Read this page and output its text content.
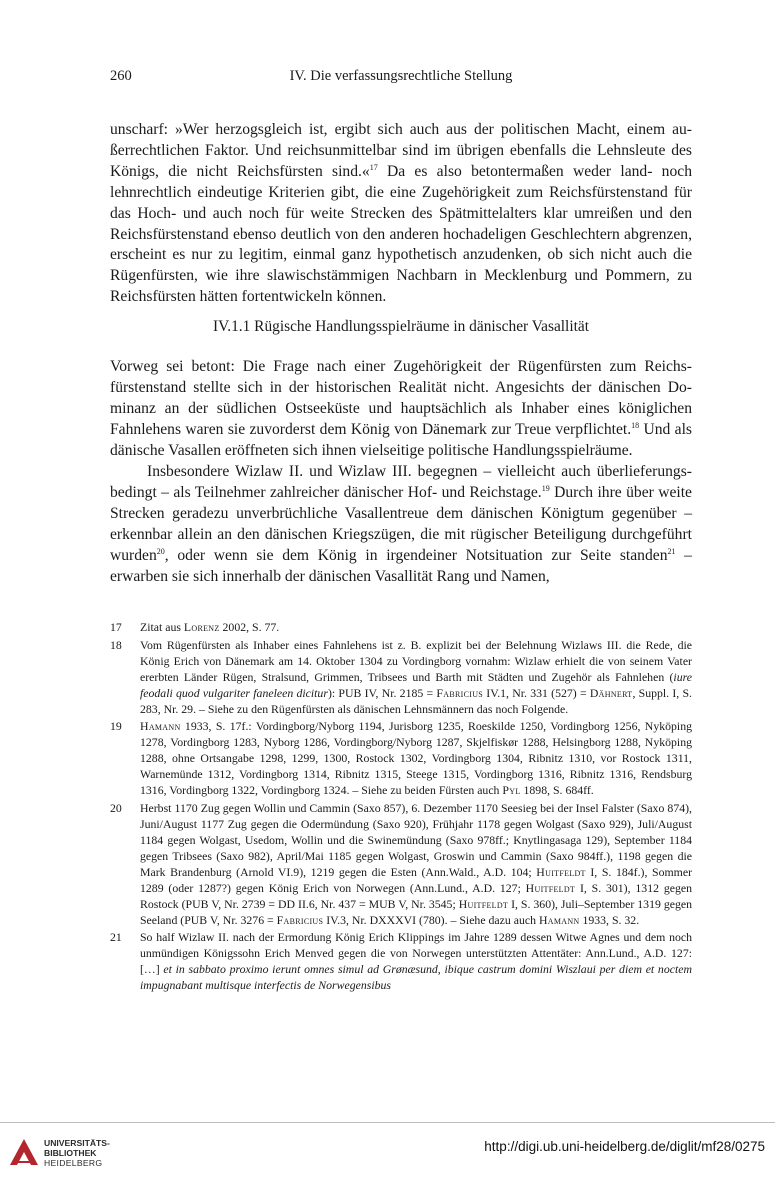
260	IV. Die verfassungsrechtliche Stellung

unscharf: »Wer herzogsgleich ist, ergibt sich auch aus der politischen Macht, einem außerrechtlichen Faktor. Und reichsunmittelbar sind im übrigen ebenfalls die Lehnsleute des Königs, die nicht Reichsfürsten sind.«$^{17}$ Da es also betontermaßen weder land- noch lehnrechtlich eindeutige Kriterien gibt, die eine Zugehörigkeit zum Reichsfürstenstand für das Hoch- und auch noch für weite Strecken des Spätmittelalters klar umreißen und den Reichsfürstenstand ebenso deutlich von den anderen hochadeligen Geschlechtern abgrenzen, erscheint es nur zu legitim, einmal ganz hypothetisch anzudenken, ob sich nicht auch die Rügenfürsten, wie ihre slawischstämmigen Nachbarn in Mecklenburg und Pommern, zu Reichsfürsten hätten fortentwickeln können.

IV.1.1 Rügische Handlungsspielräume in dänischer Vasallität

Vorweg sei betont: Die Frage nach einer Zugehörigkeit der Rügenfürsten zum Reichsfürstenstand stellte sich in der historischen Realität nicht. Angesichts der dänischen Dominanz an der südlichen Ostseeküste und hauptsächlich als Inhaber eines königlichen Fahnlehens waren sie zuvorderst dem König von Dänemark zur Treue verpflichtet.$^{18}$ Und als dänische Vasallen eröffneten sich ihnen vielseitige politische Handlungsspielräume.

Insbesondere Wizlaw II. und Wizlaw III. begegnen – vielleicht auch überlieferungsbedingt – als Teilnehmer zahlreicher dänischer Hof- und Reichstage.$^{19}$ Durch ihre über weite Strecken geradezu unverbrüchliche Vasallentreue dem dänischen Königtum gegenüber – erkennbar allein an den dänischen Kriegszügen, die mit rügischer Beteiligung durchgeführt wurden$^{20}$, oder wenn sie dem König in irgendeiner Notsituation zur Seite standen$^{21}$ – erwarben sie sich innerhalb der dänischen Vasallität Rang und Namen,

17	Zitat aus Lorenz 2002, S. 77.
18	Vom Rügenfürsten als Inhaber eines Fahnlehens ist z. B. explizit bei der Belehnung Wizlaws III. die Rede, die König Erich von Dänemark am 14. Oktober 1304 zu Vordingborg vornahm: Wizlaw erhielt die von seinem Vater ererbten Länder Rügen, Stralsund, Grimmen, Tribsees und Barth mit Städten und Zugehör als Fahnlehen (iure feodali quod vulgariter faneleen dicitur): PUB IV, Nr. 2185 = Fabricius IV.1, Nr. 331 (527) = Dähnert, Suppl. I, S. 283, Nr. 29. – Siehe zu den Rügenfürsten als dänischen Lehnsmännern das noch Folgende.
19	Hamann 1933, S. 17f.: Vordingborg/Nyborg 1194, Jurisborg 1235, Roeskilde 1250, Vordingborg 1256, Nyköping 1278, Vordingborg 1283, Nyborg 1286, Vordingborg/Nyborg 1287, Skjelfiskør 1288, Helsingborg 1288, Nyköping 1288, ohne Ortsangabe 1298, 1299, 1300, Rostock 1302, Vordingborg 1304, Ribnitz 1310, vor Rostock 1311, Warnemünde 1312, Vordingborg 1314, Ribnitz 1315, Steege 1315, Vordingborg 1316, Ribnitz 1316, Rendsburg 1316, Vordingborg 1322, Vordingborg 1324. – Siehe zu beiden Fürsten auch Pyl 1898, S. 684ff.
20	Herbst 1170 Zug gegen Wollin und Cammin (Saxo 857), 6. Dezember 1170 Seesieg bei der Insel Falster (Saxo 874), Juni/August 1177 Zug gegen die Odermündung (Saxo 920), Frühjahr 1178 gegen Wolgast (Saxo 929), Juli/August 1184 gegen Wolgast, Usedom, Wollin und die Swinemündung (Saxo 978ff.; Knytlingasaga 129), September 1184 gegen Tribsees (Saxo 982), April/Mai 1185 gegen Wolgast, Groswin und Cammin (Saxo 984ff.), 1198 gegen die Mark Brandenburg (Arnold VI.9), 1219 gegen die Esten (Ann.Wald., A.D. 104; Huitfeldt I, S. 184f.), Sommer 1289 (oder 1287?) gegen König Erich von Norwegen (Ann.Lund., A.D. 127; Huitfeldt I, S. 301), 1312 gegen Rostock (PUB V, Nr. 2739 = DD II.6, Nr. 437 = MUB V, Nr. 3545; Huitfeldt I, S. 360), Juli–September 1319 gegen Seeland (PUB V, Nr. 3276 = Fabricius IV.3, Nr. DXXXVI (780). – Siehe dazu auch Hamann 1933, S. 32.
21	So half Wizlaw II. nach der Ermordung König Erich Klippings im Jahre 1289 dessen Witwe Agnes und dem noch unmündigen Königssohn Erich Menved gegen die von Norwegen unterstützten Attentäter: Ann.Lund., A.D. 127: […] et in sabbato proximo ierunt omnes simul ad Grønæsund, ibique castrum domini Wiszlaui per diem et noctem impugnabant multisque interfectis de Norwegensibus
UNIVERSITÄTS-
BIBLIOTHEK
HEIDELBERG
http://digi.ub.uni-heidelberg.de/diglit/mf28/0275
